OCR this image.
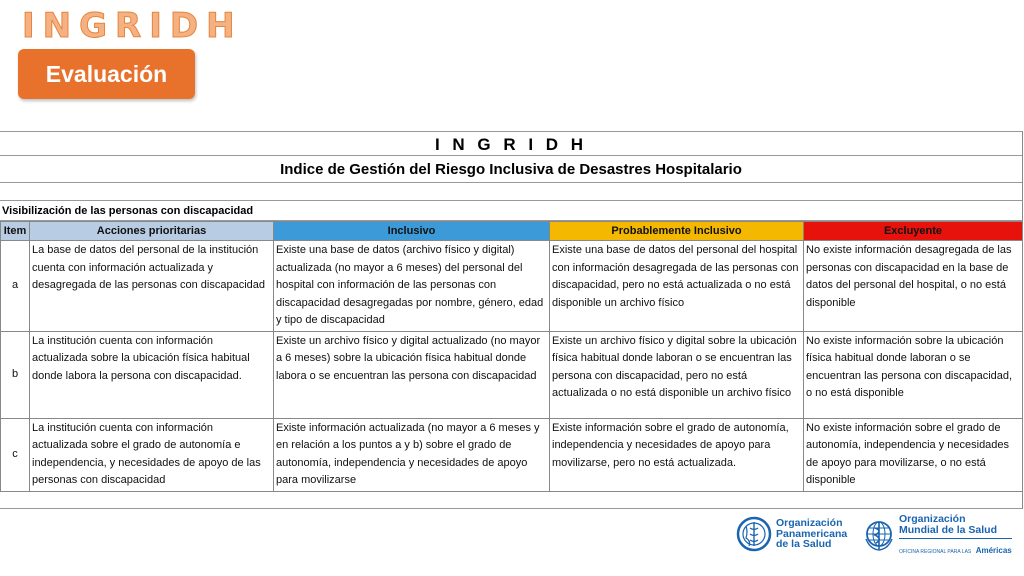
INGRIDH
Evaluación
I N G R I D H
Indice de Gestión del Riesgo Inclusiva de Desastres Hospitalario
Visibilización de las personas con discapacidad
Item	Acciones prioritarias	Inclusivo	Probablemente Inclusivo	Excluyente
a	La base de datos del personal de la institución cuenta con información actualizada y desagregada de las personas con discapacidad	Existe una base de datos (archivo físico y digital) actualizada (no mayor a 6 meses) del personal del hospital con información de las personas con discapacidad desagregadas por nombre, género, edad y tipo de discapacidad	Existe una base de datos del personal del hospital con información desagregada de las personas con discapacidad, pero no está actualizada o no está disponible un archivo físico	No existe información desagregada de las personas con discapacidad en la base de datos del personal del hospital, o no está disponible
b	La institución cuenta con información actualizada sobre la ubicación física habitual donde labora la persona con discapacidad.	Existe un archivo físico y digital actualizado (no mayor a 6 meses) sobre la ubicación física habitual donde labora o se encuentran las persona con discapacidad	Existe un archivo físico y digital sobre la ubicación física habitual donde laboran o se encuentran las persona con discapacidad, pero no está actualizada o no está disponible un archivo físico	No existe información sobre la ubicación física habitual donde laboran o se encuentran las persona con discapacidad, o no está disponible
c	La institución cuenta con información actualizada sobre el grado de autonomía e independencia, y necesidades de apoyo de las personas con discapacidad	Existe información actualizada (no mayor a 6 meses y en relación a los puntos a y b) sobre el grado de autonomía, independencia y necesidades de apoyo para movilizarse	Existe información sobre el grado de autonomía, independencia y necesidades de apoyo para movilizarse, pero no está actualizada.	No existe información sobre el grado de autonomía, independencia y necesidades de apoyo para movilizarse, o no está disponible
Organización
Panamericana
de la Salud
Organización
Mundial de la Salud
OFICINA REGIONAL PARA LAS Américas
